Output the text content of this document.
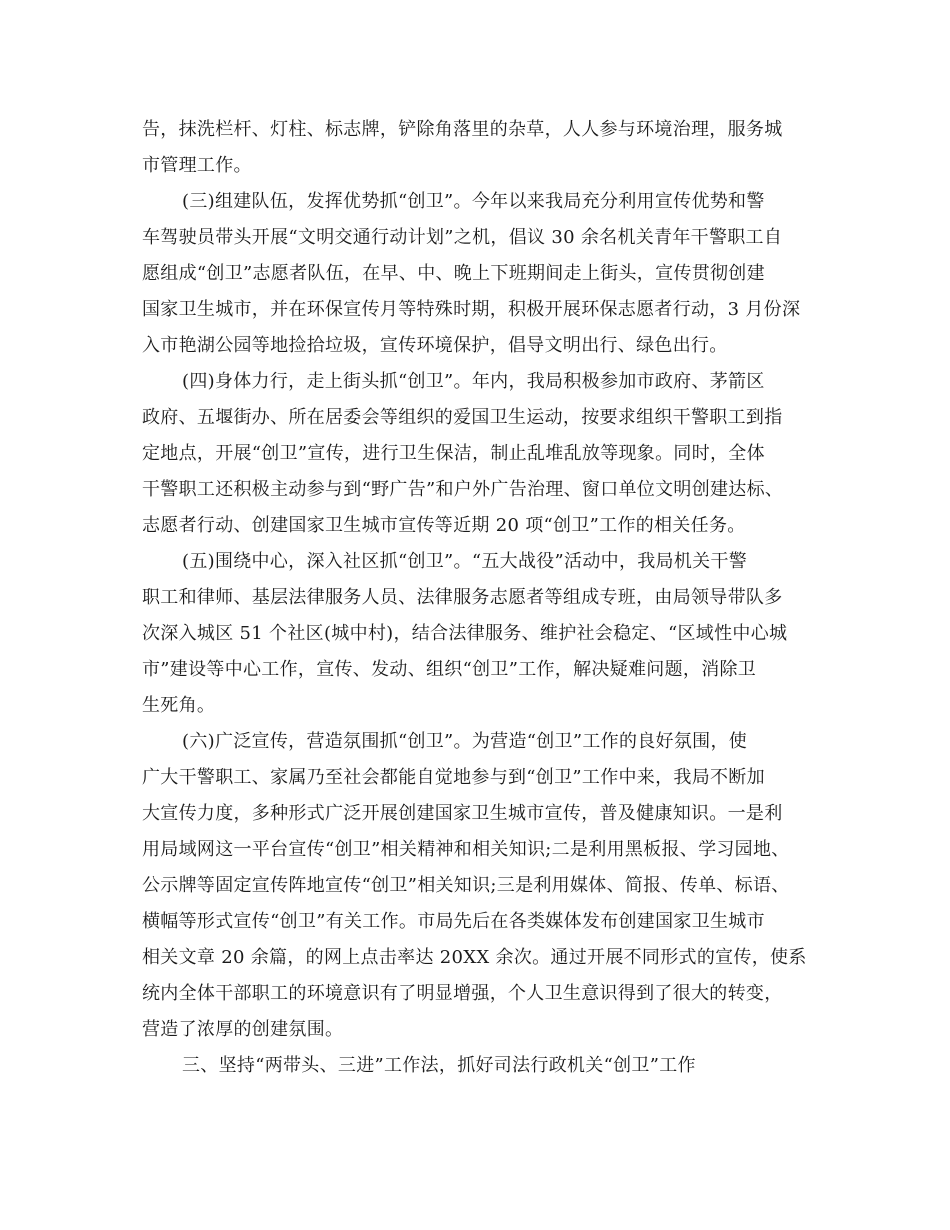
告，抹洗栏杆、灯柱、标志牌，铲除角落里的杂草，人人参与环境治理，服务城
市管理工作。

(三)组建队伍，发挥优势抓“创卫”。今年以来我局充分利用宣传优势和警
车驾驶员带头开展“文明交通行动计划”之机，倡议 30 余名机关青年干警职工自
愿组成“创卫”志愿者队伍，在早、中、晚上下班期间走上街头，宣传贯彻创建
国家卫生城市，并在环保宣传月等特殊时期，积极开展环保志愿者行动，3 月份深
入市艳湖公园等地捡拾垃圾，宣传环境保护，倡导文明出行、绿色出行。

(四)身体力行，走上街头抓“创卫”。年内，我局积极参加市政府、茅箭区
政府、五堰街办、所在居委会等组织的爱国卫生运动，按要求组织干警职工到指
定地点，开展“创卫”宣传，进行卫生保洁，制止乱堆乱放等现象。同时，全体
干警职工还积极主动参与到“野广告”和户外广告治理、窗口单位文明创建达标、
志愿者行动、创建国家卫生城市宣传等近期 20 项“创卫”工作的相关任务。

(五)围绕中心，深入社区抓“创卫”。“五大战役”活动中，我局机关干警
职工和律师、基层法律服务人员、法律服务志愿者等组成专班，由局领导带队多
次深入城区 51 个社区(城中村)，结合法律服务、维护社会稳定、“区域性中心城
市”建设等中心工作，宣传、发动、组织“创卫”工作，解决疑难问题，消除卫
生死角。

(六)广泛宣传，营造氛围抓“创卫”。为营造“创卫”工作的良好氛围，使
广大干警职工、家属乃至社会都能自觉地参与到“创卫”工作中来，我局不断加
大宣传力度，多种形式广泛开展创建国家卫生城市宣传，普及健康知识。一是利
用局域网这一平台宣传“创卫”相关精神和相关知识;二是利用黑板报、学习园地、
公示牌等固定宣传阵地宣传“创卫”相关知识;三是利用媒体、简报、传单、标语、
横幅等形式宣传“创卫”有关工作。市局先后在各类媒体发布创建国家卫生城市
相关文章 20 余篇，的网上点击率达 20XX 余次。通过开展不同形式的宣传，使系
统内全体干部职工的环境意识有了明显增强，个人卫生意识得到了很大的转变，
营造了浓厚的创建氛围。

三、坚持“两带头、三进”工作法，抓好司法行政机关“创卫”工作
